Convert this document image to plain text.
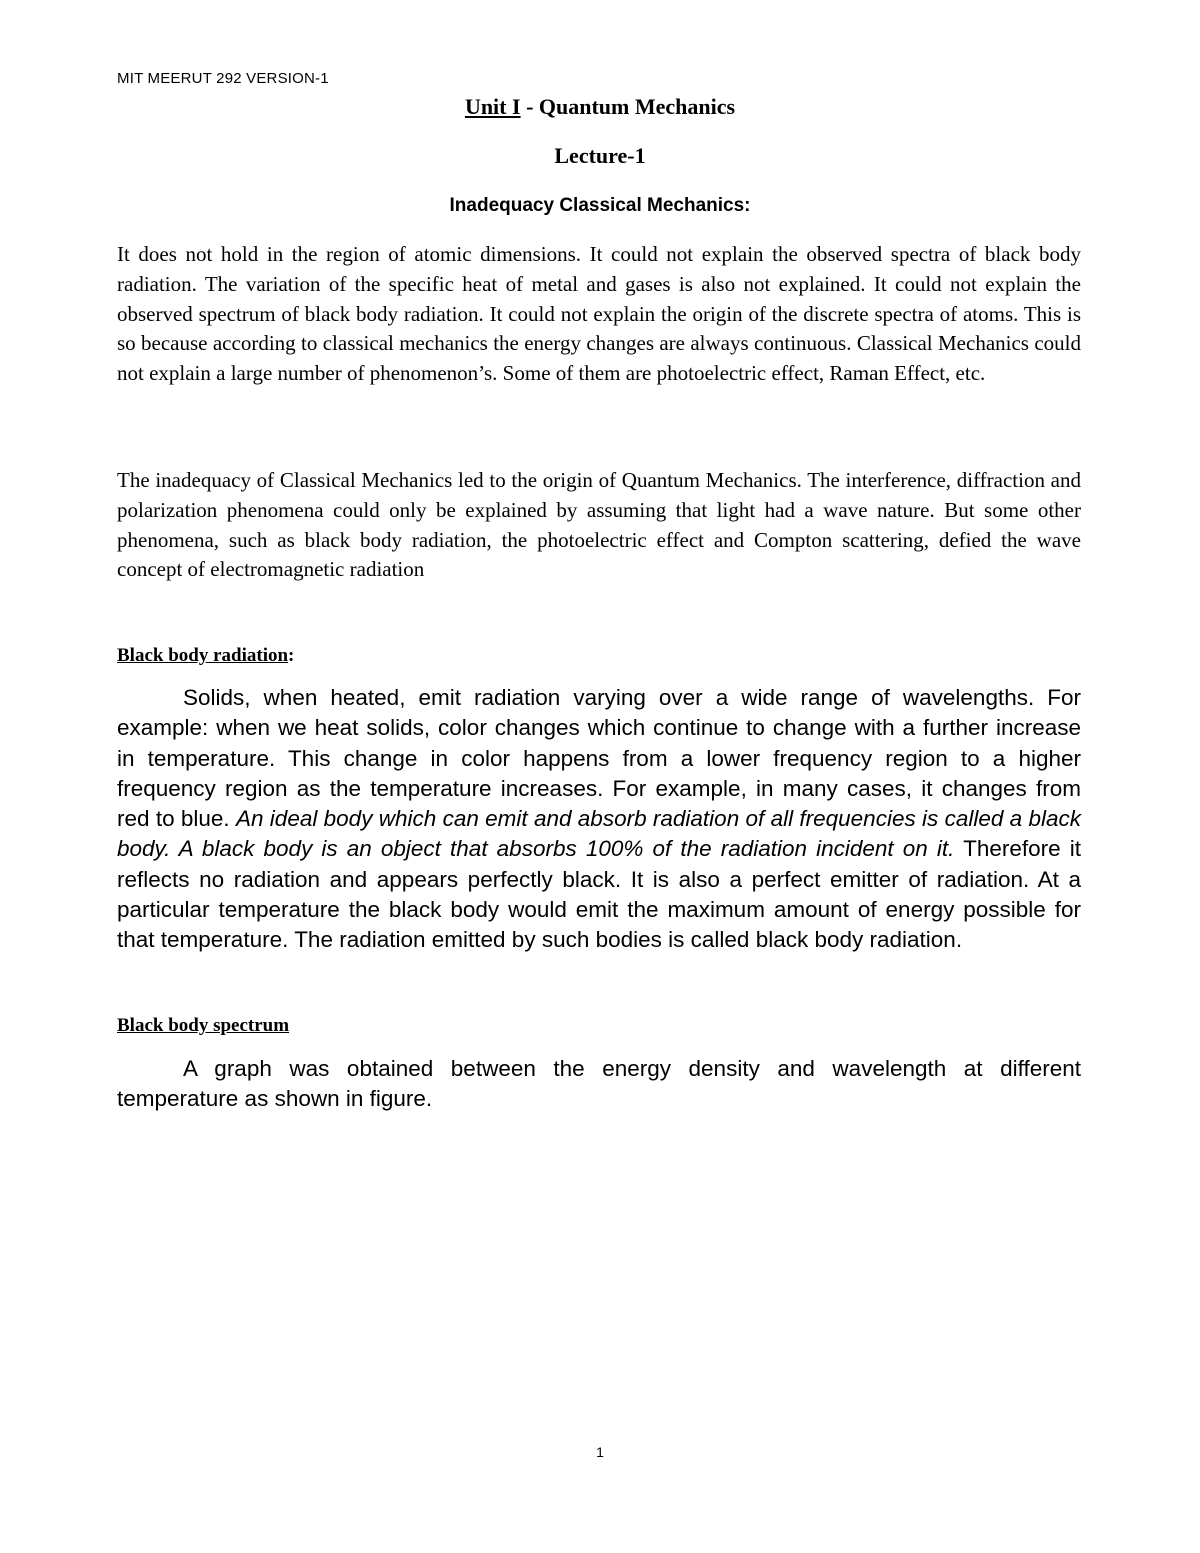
MIT MEERUT 292 VERSION-1
Unit I - Quantum Mechanics
Lecture-1
Inadequacy Classical Mechanics:

It does not hold in the region of atomic dimensions. It could not explain the observed spectra of black body radiation. The variation of the specific heat of metal and gases is also not explained. It could not explain the observed spectrum of black body radiation. It could not explain the origin of the discrete spectra of atoms. This is so because according to classical mechanics the energy changes are always continuous. Classical Mechanics could not explain a large number of phenomenon’s. Some of them are photoelectric effect, Raman Effect, etc.

The inadequacy of Classical Mechanics led to the origin of Quantum Mechanics. The interference, diffraction and polarization phenomena could only be explained by assuming that light had a wave nature. But some other phenomena, such as black body radiation, the photoelectric effect and Compton scattering, defied the wave concept of electromagnetic radiation

Black body radiation:

Solids, when heated, emit radiation varying over a wide range of wavelengths. For example: when we heat solids, color changes which continue to change with a further increase in temperature. This change in color happens from a lower frequency region to a higher frequency region as the temperature increases. For example, in many cases, it changes from red to blue. An ideal body which can emit and absorb radiation of all frequencies is called a black body. A black body is an object that absorbs 100% of the radiation incident on it. Therefore it reflects no radiation and appears perfectly black. It is also a perfect emitter of radiation. At a particular temperature the black body would emit the maximum amount of energy possible for that temperature. The radiation emitted by such bodies is called black body radiation.

Black body spectrum

A graph was obtained between the energy density and wavelength at different temperature as shown in figure.

1
